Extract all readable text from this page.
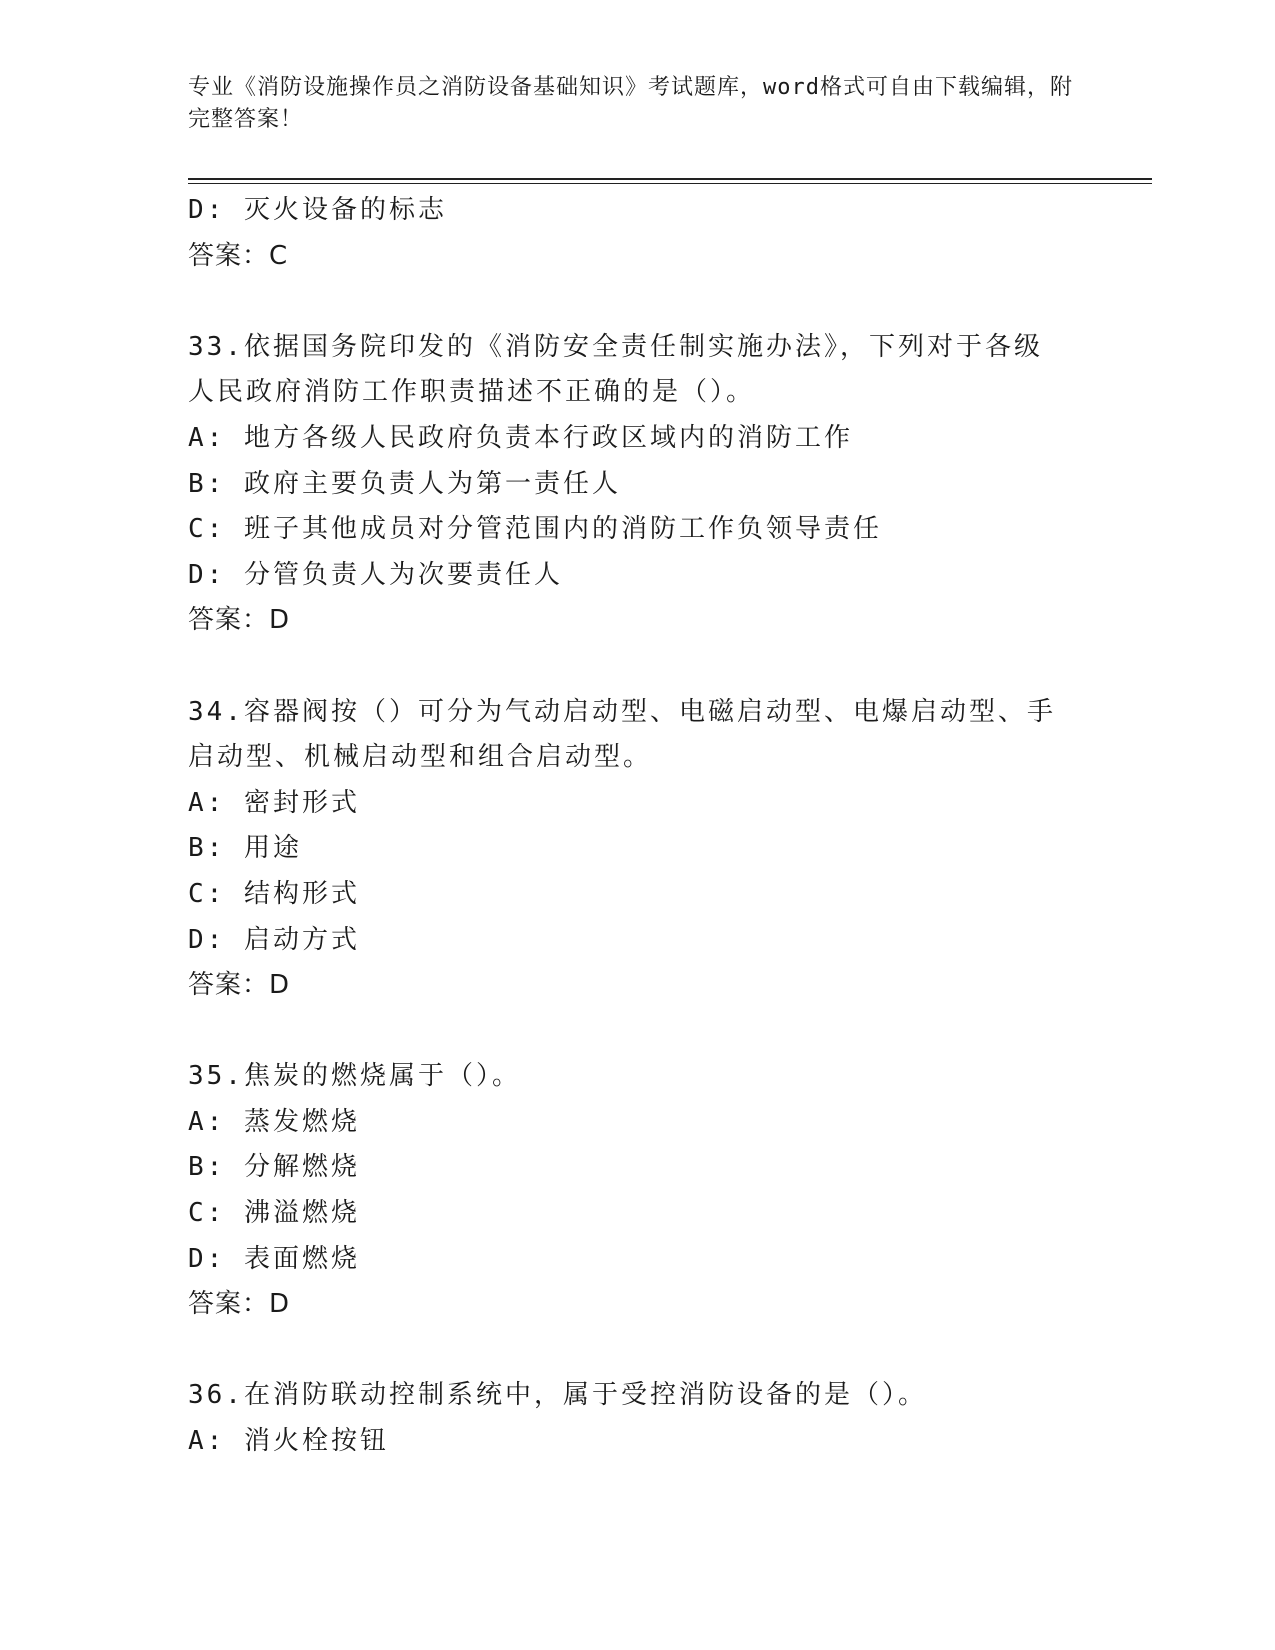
专业《消防设施操作员之消防设备基础知识》考试题库，word格式可自由下载编辑，附完整答案！
D: 灭火设备的标志
答案：C
33.依据国务院印发的《消防安全责任制实施办法》，下列对于各级人民政府消防工作职责描述不正确的是（）。
A: 地方各级人民政府负责本行政区域内的消防工作
B: 政府主要负责人为第一责任人
C: 班子其他成员对分管范围内的消防工作负领导责任
D: 分管负责人为次要责任人
答案：D
34.容器阀按（）可分为气动启动型、电磁启动型、电爆启动型、手启动型、机械启动型和组合启动型。
A: 密封形式
B: 用途
C: 结构形式
D: 启动方式
答案：D
35.焦炭的燃烧属于（）。
A: 蒸发燃烧
B: 分解燃烧
C: 沸溢燃烧
D: 表面燃烧
答案：D
36.在消防联动控制系统中，属于受控消防设备的是（）。
A: 消火栓按钮
